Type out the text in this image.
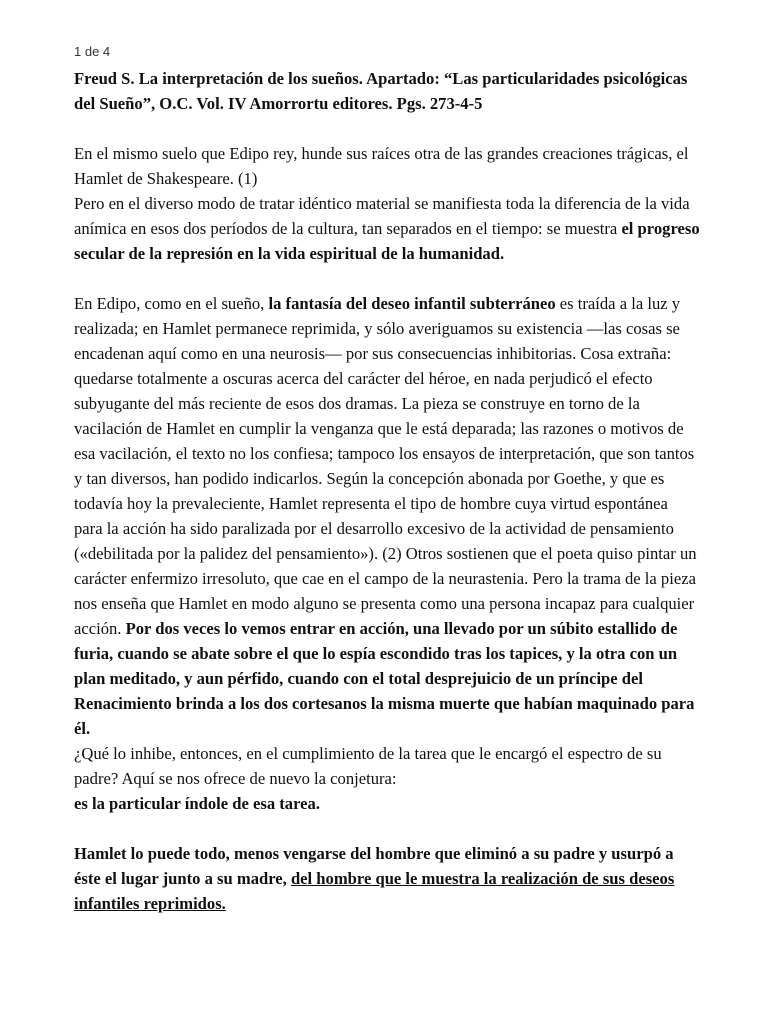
1 de 4
Freud S. La interpretación de los sueños. Apartado: “Las particularidades psicológicas del Sueño”, O.C. Vol. IV Amorrortu editores. Pgs. 273-4-5

En el mismo suelo que Edipo rey, hunde sus raíces otra de las grandes creaciones trágicas, el Hamlet de Shakespeare. (1)
Pero en el diverso modo de tratar idéntico material se manifiesta toda la diferencia de la vida anímica en esos dos períodos de la cultura, tan separados en el tiempo: se muestra el progreso secular de la represión en la vida espiritual de la humanidad.

En Edipo, como en el sueño, la fantasía del deseo infantil subterráneo es traída a la luz y realizada; en Hamlet permanece reprimida, y sólo averiguamos su existencia —las cosas se encadenan aquí como en una neurosis— por sus consecuencias inhibitorias. Cosa extraña: quedarse totalmente a oscuras acerca del carácter del héroe, en nada perjudicó el efecto subyugante del más reciente de esos dos dramas. La pieza se construye en torno de la vacilación de Hamlet en cumplir la venganza que le está deparada; las razones o motivos de esa vacilación, el texto no los confiesa; tampoco los ensayos de interpretación, que son tantos y tan diversos, han podido indicarlos. Según la concepción abonada por Goethe, y que es todavía hoy la prevaleciente, Hamlet representa el tipo de hombre cuya virtud espontánea para la acción ha sido paralizada por el desarrollo excesivo de la actividad de pensamiento («debilitada por la palidez del pensamiento»). (2) Otros sostienen que el poeta quiso pintar un carácter enfermizo irresoluto, que cae en el campo de la neurastenia. Pero la trama de la pieza nos enseña que Hamlet en modo alguno se presenta como una persona incapaz para cualquier acción. Por dos veces lo vemos entrar en acción, una llevado por un súbito estallido de furia, cuando se abate sobre el que lo espía escondido tras los tapices, y la otra con un plan meditado, y aun pérfido, cuando con el total desprejuicio de un príncipe del Renacimiento brinda a los dos cortesanos la misma muerte que habían maquinado para él.
¿Qué lo inhibe, entonces, en el cumplimiento de la tarea que le encargó el espectro de su padre? Aquí se nos ofrece de nuevo la conjetura:
es la particular índole de esa tarea.

Hamlet lo puede todo, menos vengarse del hombre que eliminó a su padre y usurpó a éste el lugar junto a su madre, del hombre que le muestra la realización de sus deseos infantiles reprimidos.
